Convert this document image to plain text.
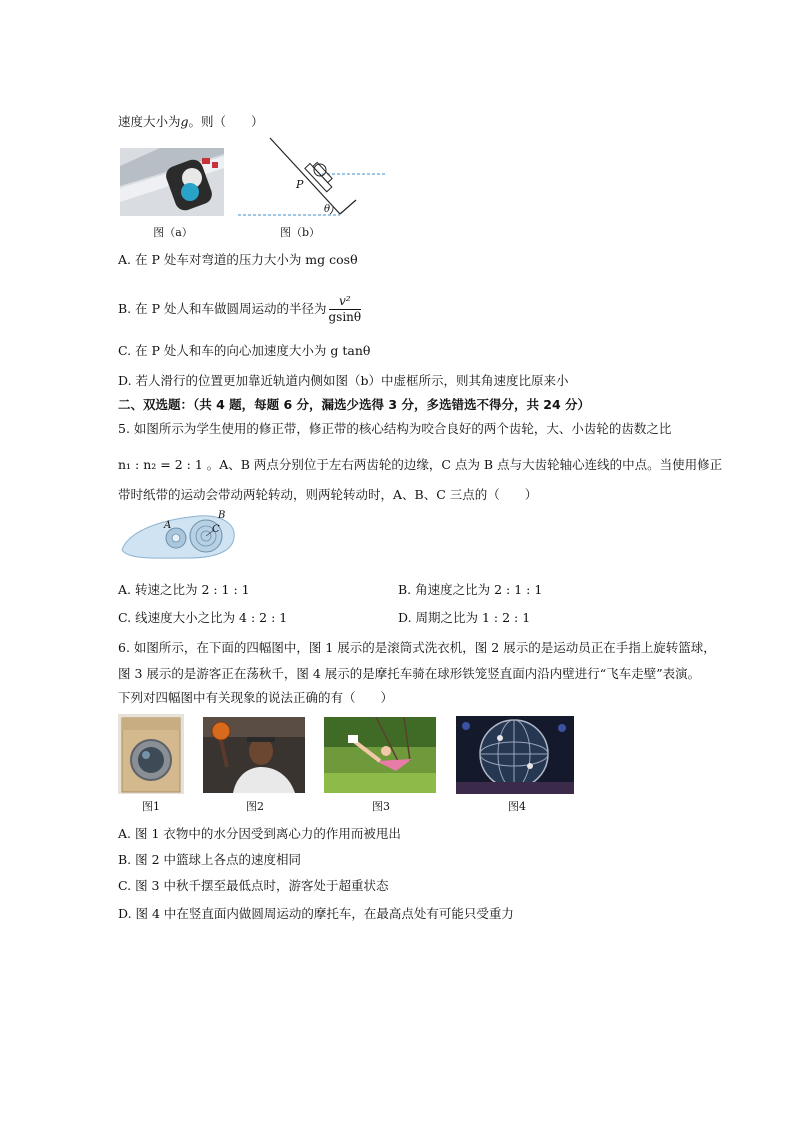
速度大小为g。则（　　）
图（a）
P
θ
图（b）
A. 在 P 处车对弯道的压力大小为 mg cosθ
B. 在 P 处人和车做圆周运动的半径为 $\frac{\text{v²}}{gsin\theta}$
C. 在 P 处人和车的向心加速度大小为 g tanθ
D. 若人滑行的位置更加靠近轨道内侧如图（b）中虚框所示，则其角速度比原来小
二、双选题：（共 4 题，每题 6 分，漏选少选得 3 分，多选错选不得分，共 24 分）
5. 如图所示为学生使用的修正带，修正带的核心结构为咬合良好的两个齿轮，大、小齿轮的齿数之比
n₁ : n₂ = 2 : 1 。A、B 两点分别位于左右两齿轮的边缘，C 点为 B 点与大齿轮轴心连线的中点。当使用修正
带时纸带的运动会带动两轮转动，则两轮转动时，A、B、C 三点的（　　）
A
B
C
A. 转速之比为 2 : 1 : 1	B. 角速度之比为 2 : 1 : 1
C. 线速度大小之比为 4 : 2 : 1	D. 周期之比为 1 : 2 : 1
6. 如图所示，在下面的四幅图中，图 1 展示的是滚筒式洗衣机，图 2 展示的是运动员正在手指上旋转篮球，
图 3 展示的是游客正在荡秋千，图 4 展示的是摩托车骑在球形铁笼竖直面内沿内壁进行“飞车走壁”表演。
下列对四幅图中有关现象的说法正确的有（　　）
图1	图2	图3	图4
A. 图 1 衣物中的水分因受到离心力的作用而被甩出
B. 图 2 中篮球上各点的速度相同
C. 图 3 中秋千摆至最低点时，游客处于超重状态
D. 图 4 中在竖直面内做圆周运动的摩托车，在最高点处有可能只受重力
